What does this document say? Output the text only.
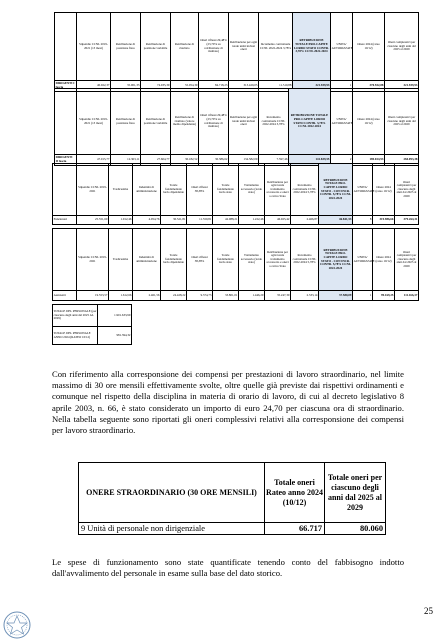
	Stipendio CCNL 2019-2021 (13 mesi)	Retribuzione di posizione fissa	Retribuzione di posizione variabile	Retribuzione di risultato	Oneri riflessi 29,48% (23,70% su retribuzione di risultato)	Retribuzione per ogni totale unità inclusi oneri	Incremento contrattuale CCNL 2022-2024 3,78%	RETRIBUZIONE TOTALE PRO-CAPITE LORDO STATO CONTR. 3,78% CCNL 2022-2024	UNITA' AUTORIZZATE	Onere 2024 (rateo 10/12)	Oneri complessivi per ciascuno degli anni dal 2025 al 2029
DIRIGENTI I fascia	40.022,37	35.001,33	74.935,39	55.054,39	84.718,23	313.429,05	11.510,88	321.939,93	1	370.552,88	321.939,93
	Stipendio CCNL 2019-2021 (13 mesi)	Retribuzione di posizione fissa	Retribuzione di posizione variabile	Retribuzione di risultato (valore medio dipendente)	Oneri riflessi 29,48% (23,70% su retribuzione di risultato)	Retribuzione per ogni totale unità inclusi oneri	Incremento contrattuale CCNL 2022-2024 3,78%	RETRIBUZIONE TOTALE PRO-CAPITE LORDO STATO CONTR. 3,78% CCNL 2022-2024	UNITA' AUTORIZZATE	Onere 2024 (rateo 10/12)	Oneri complessivi per ciascuno degli anni dal 2025 al 2029
DIRIGENTI II fascia	47.015,77	12.363,11	27.604,77	30.182,52	30.386,62	134.582,09	7.597,46	141.839,55	2	189.024,93	284.093,38
	Stipendio CCNL 2019-2021	Tredicesima	Indennità di amministrazione	Totale fondamentale lordo dipendente	Oneri riflessi 38,38%	Totale fondamentale lordo stato	Trattamento accessorio (lordo stato)	Retribuzione per ogni totale trattamento accessorio e oneri a carico Stato	Incremento contrattuale CCNL 2022-2024 5,78%	RETRIBUZIONE TOTALE PRO-CAPITE LORDO STATO - CON INCR. CONTR. 5,78% CCNL 2022-2024	UNITA' AUTORIZZATE	Onere 2024 (rateo 10/12)	Oneri complessivi per ciascuno degli anni dal 2025 al 2029
Funzionari	25.551,60	1.912,46	4.054,76	30.521,81	11.550,81	42.088,21	1.222,46	46.925,42	2.466,87	46.841,53	8	319.986,66	379.264,31
	Stipendio CCNL 2019-2021	Tredicesima	Indennità di amministrazione	Totale fondamentale lordo dipendente	Oneri riflessi 38,38%	Totale fondamentale lordo stato	Trattamento accessorio (lordo stato)	Retribuzione per ogni totale trattamento accessorio e oneri a carico Stato	Incremento contrattuale CCNL 2022-2024 5,78%	RETRIBUZIONE TOTALE PRO-CAPITE LORDO STATO - CON INCR. CONTR. 5,78% CCNL 2022-2024	UNITA' AUTORIZZATE	Onere 2024 (rateo 10/12)	Oneri complessivi per ciascuno degli anni dal 2025 al 2029
Assistenti	19.553,57	1.612,66	2.461,56	24.428,22	9.374,73	33.801,01	1.446,29	35.247,30	2.333,14	37.580,09	1	99.169,25	111.166,37
TOTALE DEL PERSONALE (per ciascuno degli anni dal 2025 AL 2029)	1.901.633,99
TOTALE DEL PERSONALE ANNO 2024 (RATEO 10/12)	981.394,32

Con riferimento alla corresponsione dei compensi per prestazioni di lavoro straordinario, nel limite massimo di 30 ore mensili effettivamente svolte, oltre quelle già previste dai rispettivi ordinamenti e comunque nel rispetto della disciplina in materia di orario di lavoro, di cui al decreto legislativo 8 aprile 2003, n. 66, è stato considerato un importo di euro 24,70 per ciascuna ora di straordinario. Nella tabella seguente sono riportati gli oneri complessivi relativi alla corresponsione dei compensi per lavoro straordinario.

ONERE STRAORDINARIO (30 ORE MENSILI)	Totale oneri Rateo anno 2024 (10/12)	Totale oneri per ciascuno degli anni dal 2025 al 2029
9 Unità di personale non dirigenziale	66.717	80.060

Le spese di funzionamento sono state quantificate tenendo conto del fabbisogno indotto dall'avvalimento del personale in esame sulla base del dato storico.

25
